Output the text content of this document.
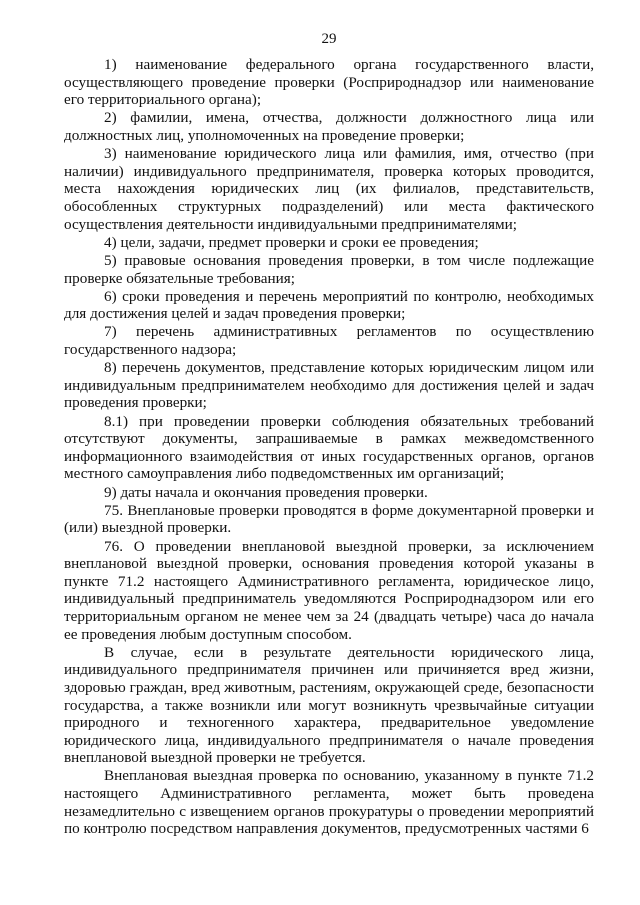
29

1) наименование федерального органа государственного власти, осуществляющего проведение проверки (Росприроднадзор или наименование его территориального органа);

2) фамилии, имена, отчества, должности должностного лица или должностных лиц, уполномоченных на проведение проверки;

3) наименование юридического лица или фамилия, имя, отчество (при наличии) индивидуального предпринимателя, проверка которых проводится, места нахождения юридических лиц (их филиалов, представительств, обособленных структурных подразделений) или места фактического осуществления деятельности индивидуальными предпринимателями;

4) цели, задачи, предмет проверки и сроки ее проведения;

5) правовые основания проведения проверки, в том числе подлежащие проверке обязательные требования;

6) сроки проведения и перечень мероприятий по контролю, необходимых для достижения целей и задач проведения проверки;

7) перечень административных регламентов по осуществлению государственного надзора;

8) перечень документов, представление которых юридическим лицом или индивидуальным предпринимателем необходимо для достижения целей и задач проведения проверки;

8.1) при проведении проверки соблюдения обязательных требований отсутствуют документы, запрашиваемые в рамках межведомственного информационного взаимодействия от иных государственных органов, органов местного самоуправления либо подведомственных им организаций;

9) даты начала и окончания проведения проверки.

75. Внеплановые проверки проводятся в форме документарной проверки и (или) выездной проверки.

76. О проведении внеплановой выездной проверки, за исключением внеплановой выездной проверки, основания проведения которой указаны в пункте 71.2 настоящего Административного регламента, юридическое лицо, индивидуальный предприниматель уведомляются Росприроднадзором или его территориальным органом не менее чем за 24 (двадцать четыре) часа до начала ее проведения любым доступным способом.

В случае, если в результате деятельности юридического лица, индивидуального предпринимателя причинен или причиняется вред жизни, здоровью граждан, вред животным, растениям, окружающей среде, безопасности государства, а также возникли или могут возникнуть чрезвычайные ситуации природного и техногенного характера, предварительное уведомление юридического лица, индивидуального предпринимателя о начале проведения внеплановой выездной проверки не требуется.

Внеплановая выездная проверка по основанию, указанному в пункте 71.2 настоящего Административного регламента, может быть проведена незамедлительно с извещением органов прокуратуры о проведении мероприятий по контролю посредством направления документов, предусмотренных частями 6
